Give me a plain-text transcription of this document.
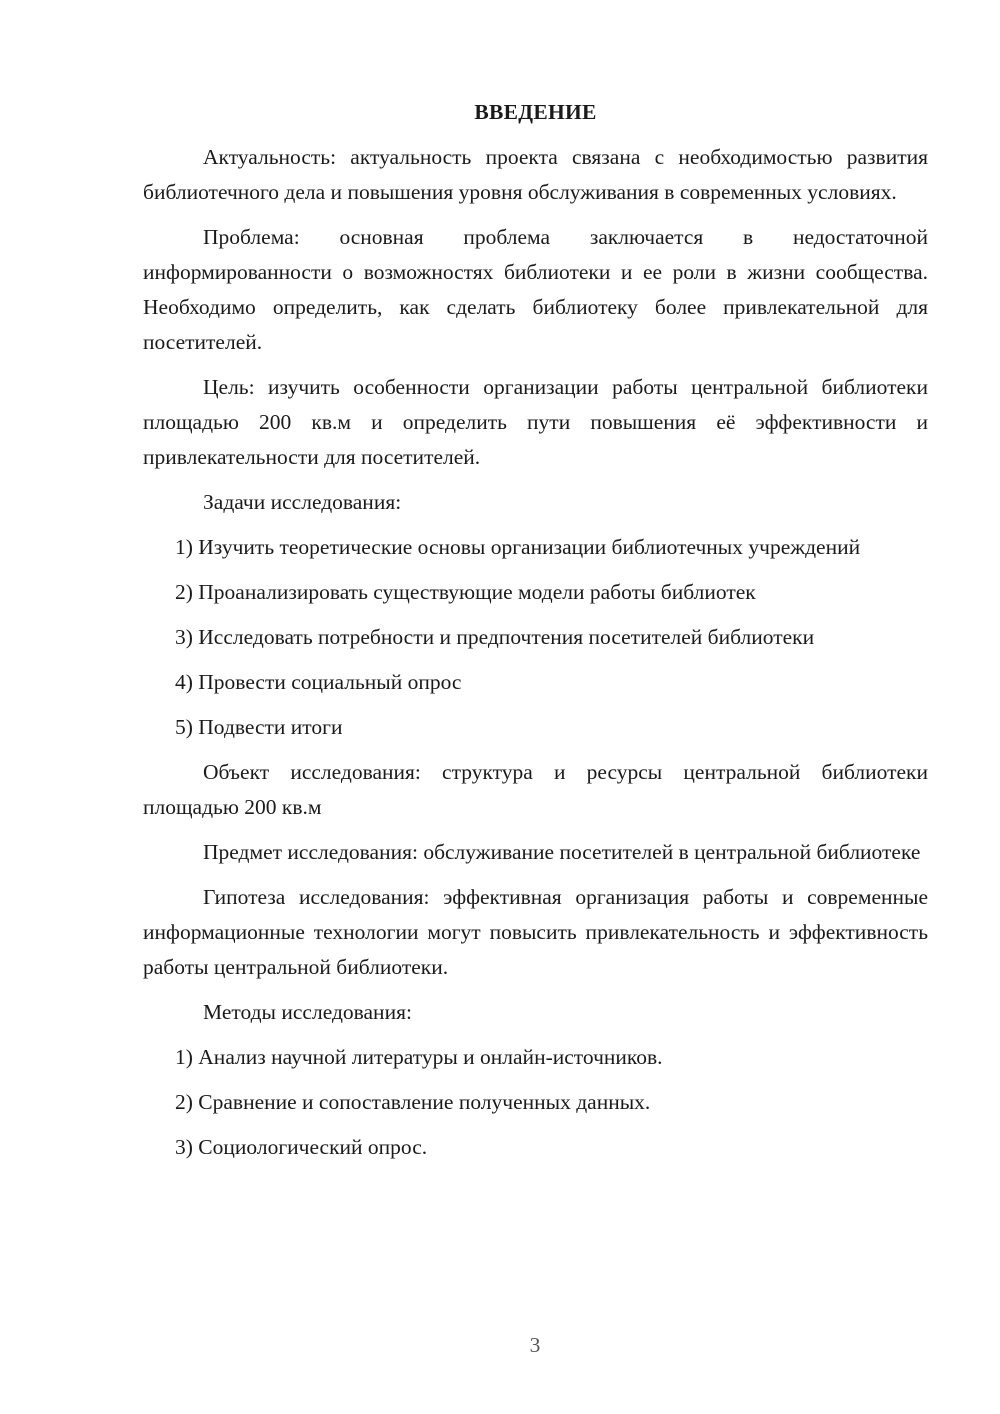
ВВЕДЕНИЕ

Актуальность: актуальность проекта связана с необходимостью развития библиотечного дела и повышения уровня обслуживания в современных условиях.

Проблема: основная проблема заключается в недостаточной информированности о возможностях библиотеки и ее роли в жизни сообщества. Необходимо определить, как сделать библиотеку более привлекательной для посетителей.

Цель: изучить особенности организации работы центральной библиотеки площадью 200 кв.м и определить пути повышения её эффективности и привлекательности для посетителей.

Задачи исследования:

1) Изучить теоретические основы организации библиотечных учреждений

2) Проанализировать существующие модели работы библиотек

3) Исследовать потребности и предпочтения посетителей библиотеки

4) Провести социальный опрос

5) Подвести итоги

Объект исследования: структура и ресурсы центральной библиотеки площадью 200 кв.м

Предмет исследования: обслуживание посетителей в центральной библиотеке

Гипотеза исследования: эффективная организация работы и современные информационные технологии могут повысить привлекательность и эффективность работы центральной библиотеки.

Методы исследования:

1) Анализ научной литературы и онлайн-источников.

2) Сравнение и сопоставление полученных данных.

3) Социологический опрос.

3
